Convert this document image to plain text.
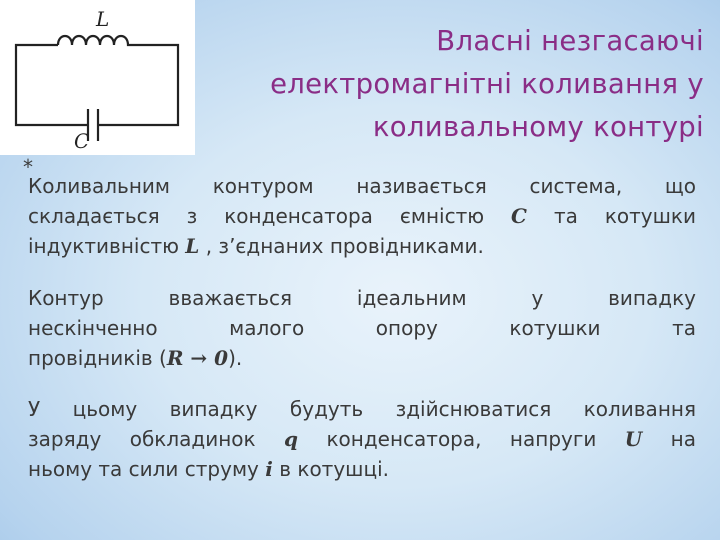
L
C
Власні незгасаючі
електромагнітні коливання у
коливальному контурі
*
Коливальним контуром називається система, що
складається з конденсатора ємністю C та котушки
індуктивністю L , з’єднаних провідниками.
Контур вважається ідеальним у випадку
нескінченно малого опору котушки та
провідників (R → 0).
У цьому випадку будуть здійснюватися коливання
заряду обкладинок q конденсатора, напруги U на
ньому та сили струму i в котушці.
